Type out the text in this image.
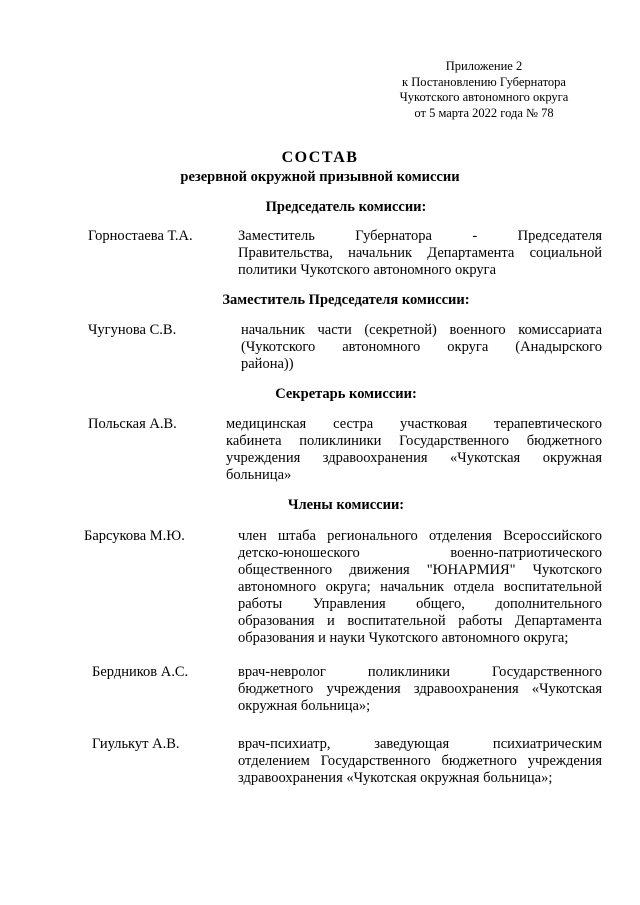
Приложение 2
к Постановлению Губернатора
Чукотского автономного округа
от 5 марта 2022 года № 78
СОСТАВ
резервной окружной призывной комиссии
Председатель комиссии:
Горностаева Т.А.	Заместитель Губернатора - Председателя
Правительства, начальник Департамента социальной
политики Чукотского автономного округа
Заместитель Председателя комиссии:
Чугунова С.В.	начальник части (секретной) военного комиссариата
(Чукотского автономного округа (Анадырского
района))
Секретарь комиссии:
Польская А.В.	медицинская сестра участковая терапевтического
кабинета поликлиники Государственного бюджетного
учреждения здравоохранения «Чукотская окружная
больница»
Члены комиссии:
Барсукова М.Ю.	член штаба регионального отделения Всероссийского
детско-юношеского военно-патриотического
общественного движения "ЮНАРМИЯ" Чукотского
автономного округа; начальник отдела воспитательной
работы Управления общего, дополнительного
образования и воспитательной работы Департамента
образования и науки Чукотского автономного округа;
Бердников А.С.	врач-невролог поликлиники Государственного
бюджетного учреждения здравоохранения «Чукотская
окружная больница»;
Гиулькут А.В.	врач-психиатр, заведующая психиатрическим
отделением Государственного бюджетного учреждения
здравоохранения «Чукотская окружная больница»;
